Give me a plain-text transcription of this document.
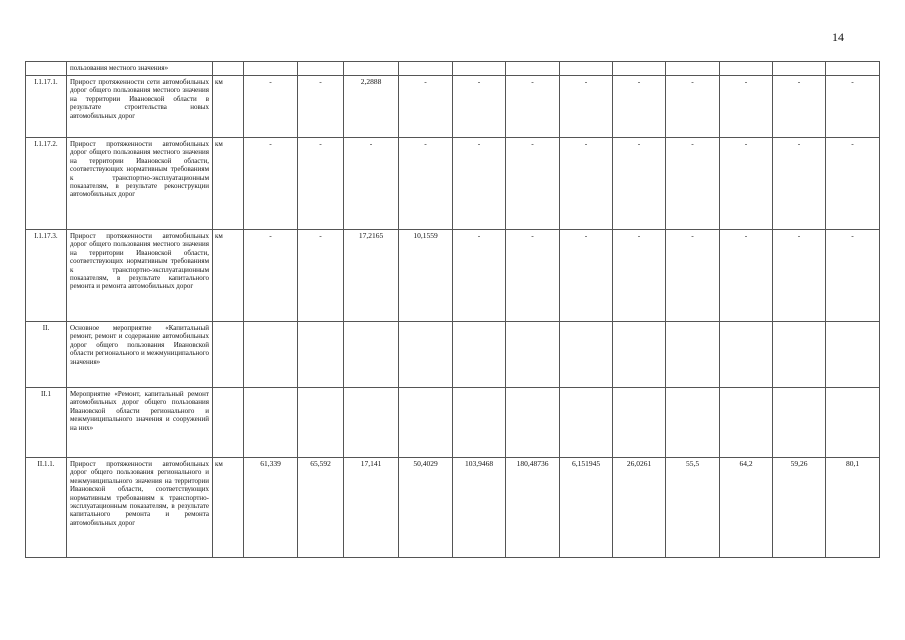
14
	пользования местного значения»													
I.1.17.1.	Прирост протяженности сети автомобильных дорог общего пользования местного значения на территории Ивановской области в результате строительства новых автомобильных дорог	км	-	-	2,2888	-	-	-	-	-	-	-	-	-
I.1.17.2.	Прирост протяженности автомобильных дорог общего пользования местного значения на территории Ивановской области, соответствующих нормативным требованиям к транспортно-эксплуатационным показателям, в результате реконструкции автомобильных дорог	км	-	-	-	-	-	-	-	-	-	-	-	-
I.1.17.3.	Прирост протяженности автомобильных дорог общего пользования местного значения на территории Ивановской области, соответствующих нормативным требованиям к транспортно-эксплуатационным показателям, в результате капитального ремонта и ремонта автомобильных дорог	км	-	-	17,2165	10,1559	-	-	-	-	-	-	-	-
II.	Основное мероприятие «Капитальный ремонт, ремонт и содержание автомобильных дорог общего пользования Ивановской области регионального и межмуниципального значения»													
II.1	Мероприятие «Ремонт, капитальный ремонт автомобильных дорог общего пользования Ивановской области регионального и межмуниципального значения и сооружений на них»													
II.1.1.	Прирост протяженности автомобильных дорог общего пользования регионального и межмуниципального значения на территории Ивановской области, соответствующих нормативным требованиям к транспортно-эксплуатационным показателям, в результате капитального ремонта и ремонта автомобильных дорог	км	61,339	65,592	17,141	50,4029	103,9468	180,48736	6,151945	26,0261	55,5	64,2	59,26	80,1
